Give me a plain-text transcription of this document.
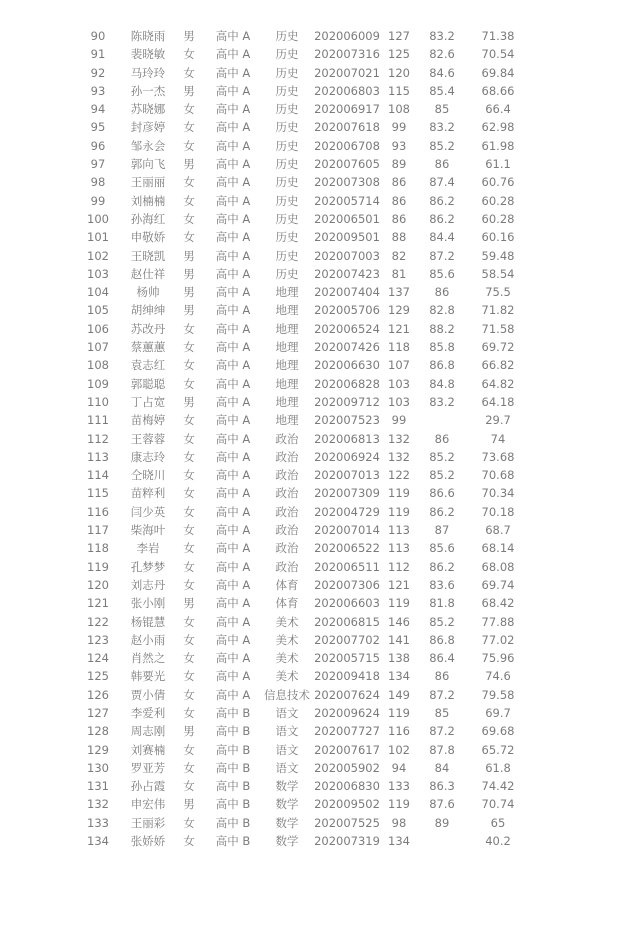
90	陈晓雨	男	高中 A	历史	202006009	127	83.2	71.38
91	裴晓敏	女	高中 A	历史	202007316	125	82.6	70.54
92	马玲玲	女	高中 A	历史	202007021	120	84.6	69.84
93	孙一杰	男	高中 A	历史	202006803	115	85.4	68.66
94	苏晓娜	女	高中 A	历史	202006917	108	85	66.4
95	封彦婷	女	高中 A	历史	202007618	99	83.2	62.98
96	邹永会	女	高中 A	历史	202006708	93	85.2	61.98
97	郭向飞	男	高中 A	历史	202007605	89	86	61.1
98	王丽丽	女	高中 A	历史	202007308	86	87.4	60.76
99	刘楠楠	女	高中 A	历史	202005714	86	86.2	60.28
100	孙海红	女	高中 A	历史	202006501	86	86.2	60.28
101	申敬娇	女	高中 A	历史	202009501	88	84.4	60.16
102	王晓凯	男	高中 A	历史	202007003	82	87.2	59.48
103	赵仕祥	男	高中 A	历史	202007423	81	85.6	58.54
104	杨帅	男	高中 A	地理	202007404	137	86	75.5
105	胡绅绅	男	高中 A	地理	202005706	129	82.8	71.82
106	苏改丹	女	高中 A	地理	202006524	121	88.2	71.58
107	蔡蕙蕙	女	高中 A	地理	202007426	118	85.8	69.72
108	袁志红	女	高中 A	地理	202006630	107	86.8	66.82
109	郭聪聪	女	高中 A	地理	202006828	103	84.8	64.82
110	丁占宽	男	高中 A	地理	202009712	103	83.2	64.18
111	苗梅婷	女	高中 A	地理	202007523	99		29.7
112	王蓉蓉	女	高中 A	政治	202006813	132	86	74
113	康志玲	女	高中 A	政治	202006924	132	85.2	73.68
114	仝晓川	女	高中 A	政治	202007013	122	85.2	70.68
115	苗粹利	女	高中 A	政治	202007309	119	86.6	70.34
116	闫少英	女	高中 A	政治	202004729	119	86.2	70.18
117	柴海叶	女	高中 A	政治	202007014	113	87	68.7
118	李岩	女	高中 A	政治	202006522	113	85.6	68.14
119	孔梦梦	女	高中 A	政治	202006511	112	86.2	68.08
120	刘志丹	女	高中 A	体育	202007306	121	83.6	69.74
121	张小刚	男	高中 A	体育	202006603	119	81.8	68.42
122	杨锟慧	女	高中 A	美术	202006815	146	85.2	77.88
123	赵小雨	女	高中 A	美术	202007702	141	86.8	77.02
124	肖然之	女	高中 A	美术	202005715	138	86.4	75.96
125	韩要光	女	高中 A	美术	202009418	134	86	74.6
126	贾小倩	女	高中 A	信息技术	202007624	149	87.2	79.58
127	李爱利	女	高中 B	语文	202009624	119	85	69.7
128	周志刚	男	高中 B	语文	202007727	116	87.2	69.68
129	刘赛楠	女	高中 B	语文	202007617	102	87.8	65.72
130	罗亚芳	女	高中 B	语文	202005902	94	84	61.8
131	孙占霞	女	高中 B	数学	202006830	133	86.3	74.42
132	申宏伟	男	高中 B	数学	202009502	119	87.6	70.74
133	王丽彩	女	高中 B	数学	202007525	98	89	65
134	张娇娇	女	高中 B	数学	202007319	134		40.2
